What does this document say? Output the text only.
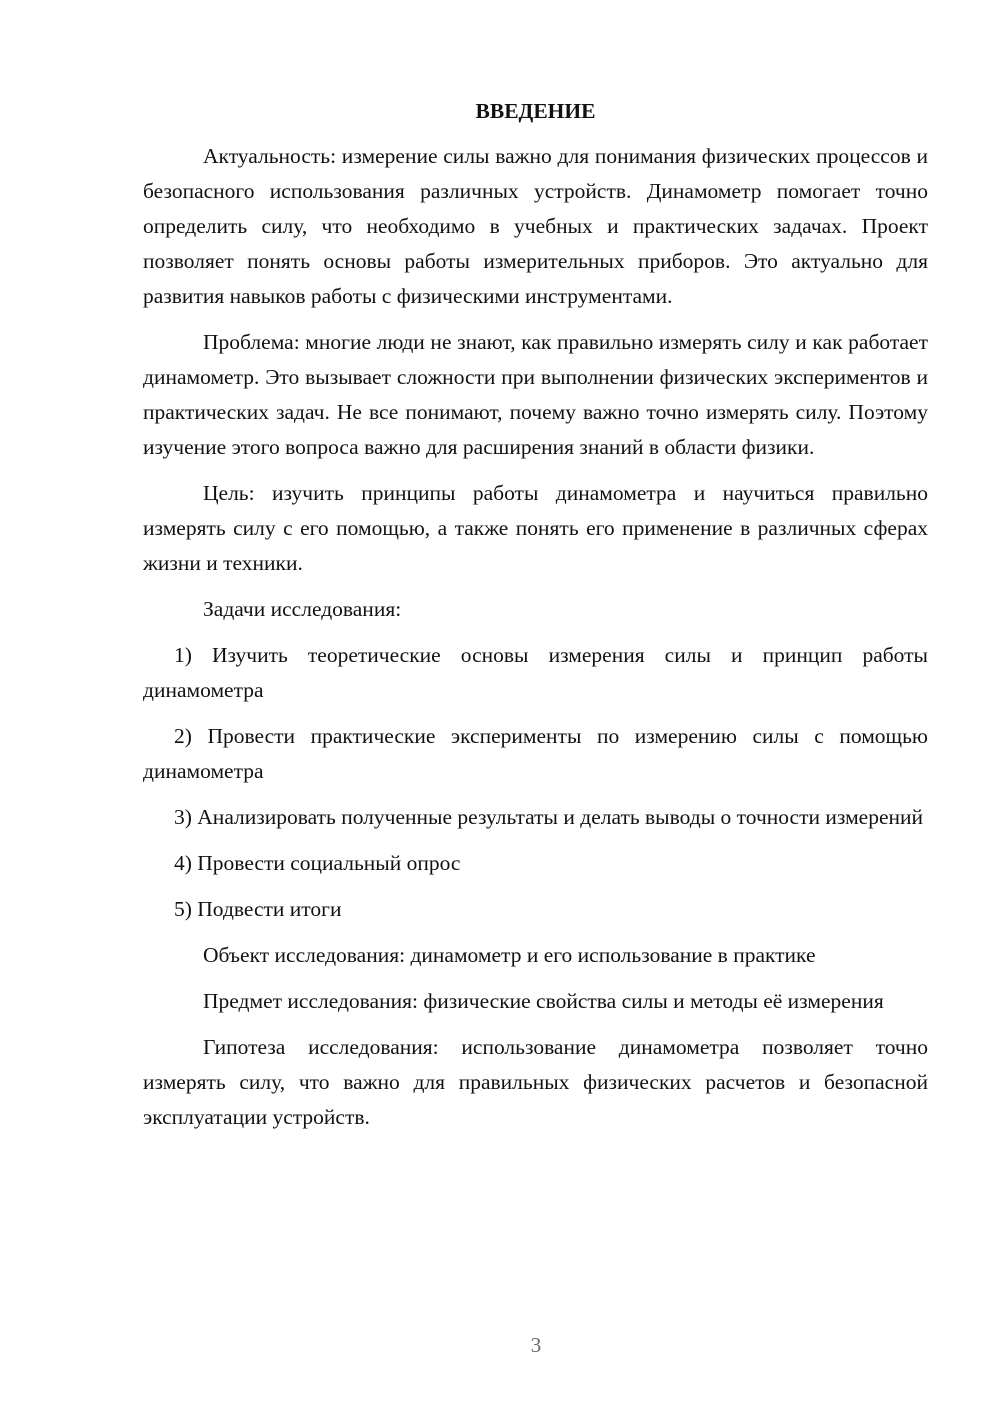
ВВЕДЕНИЕ

Актуальность: измерение силы важно для понимания физических процессов и безопасного использования различных устройств. Динамометр помогает точно определить силу, что необходимо в учебных и практических задачах. Проект позволяет понять основы работы измерительных приборов. Это актуально для развития навыков работы с физическими инструментами.

Проблема: многие люди не знают, как правильно измерять силу и как работает динамометр. Это вызывает сложности при выполнении физических экспериментов и практических задач. Не все понимают, почему важно точно измерять силу. Поэтому изучение этого вопроса важно для расширения знаний в области физики.

Цель: изучить принципы работы динамометра и научиться правильно измерять силу с его помощью, а также понять его применение в различных сферах жизни и техники.

Задачи исследования:

1) Изучить теоретические основы измерения силы и принцип работы динамометра

2) Провести практические эксперименты по измерению силы с помощью динамометра

3) Анализировать полученные результаты и делать выводы о точности измерений

4) Провести социальный опрос

5) Подвести итоги

Объект исследования: динамометр и его использование в практике

Предмет исследования: физические свойства силы и методы её измерения

Гипотеза исследования: использование динамометра позволяет точно измерять силу, что важно для правильных физических расчетов и безопасной эксплуатации устройств.

3
